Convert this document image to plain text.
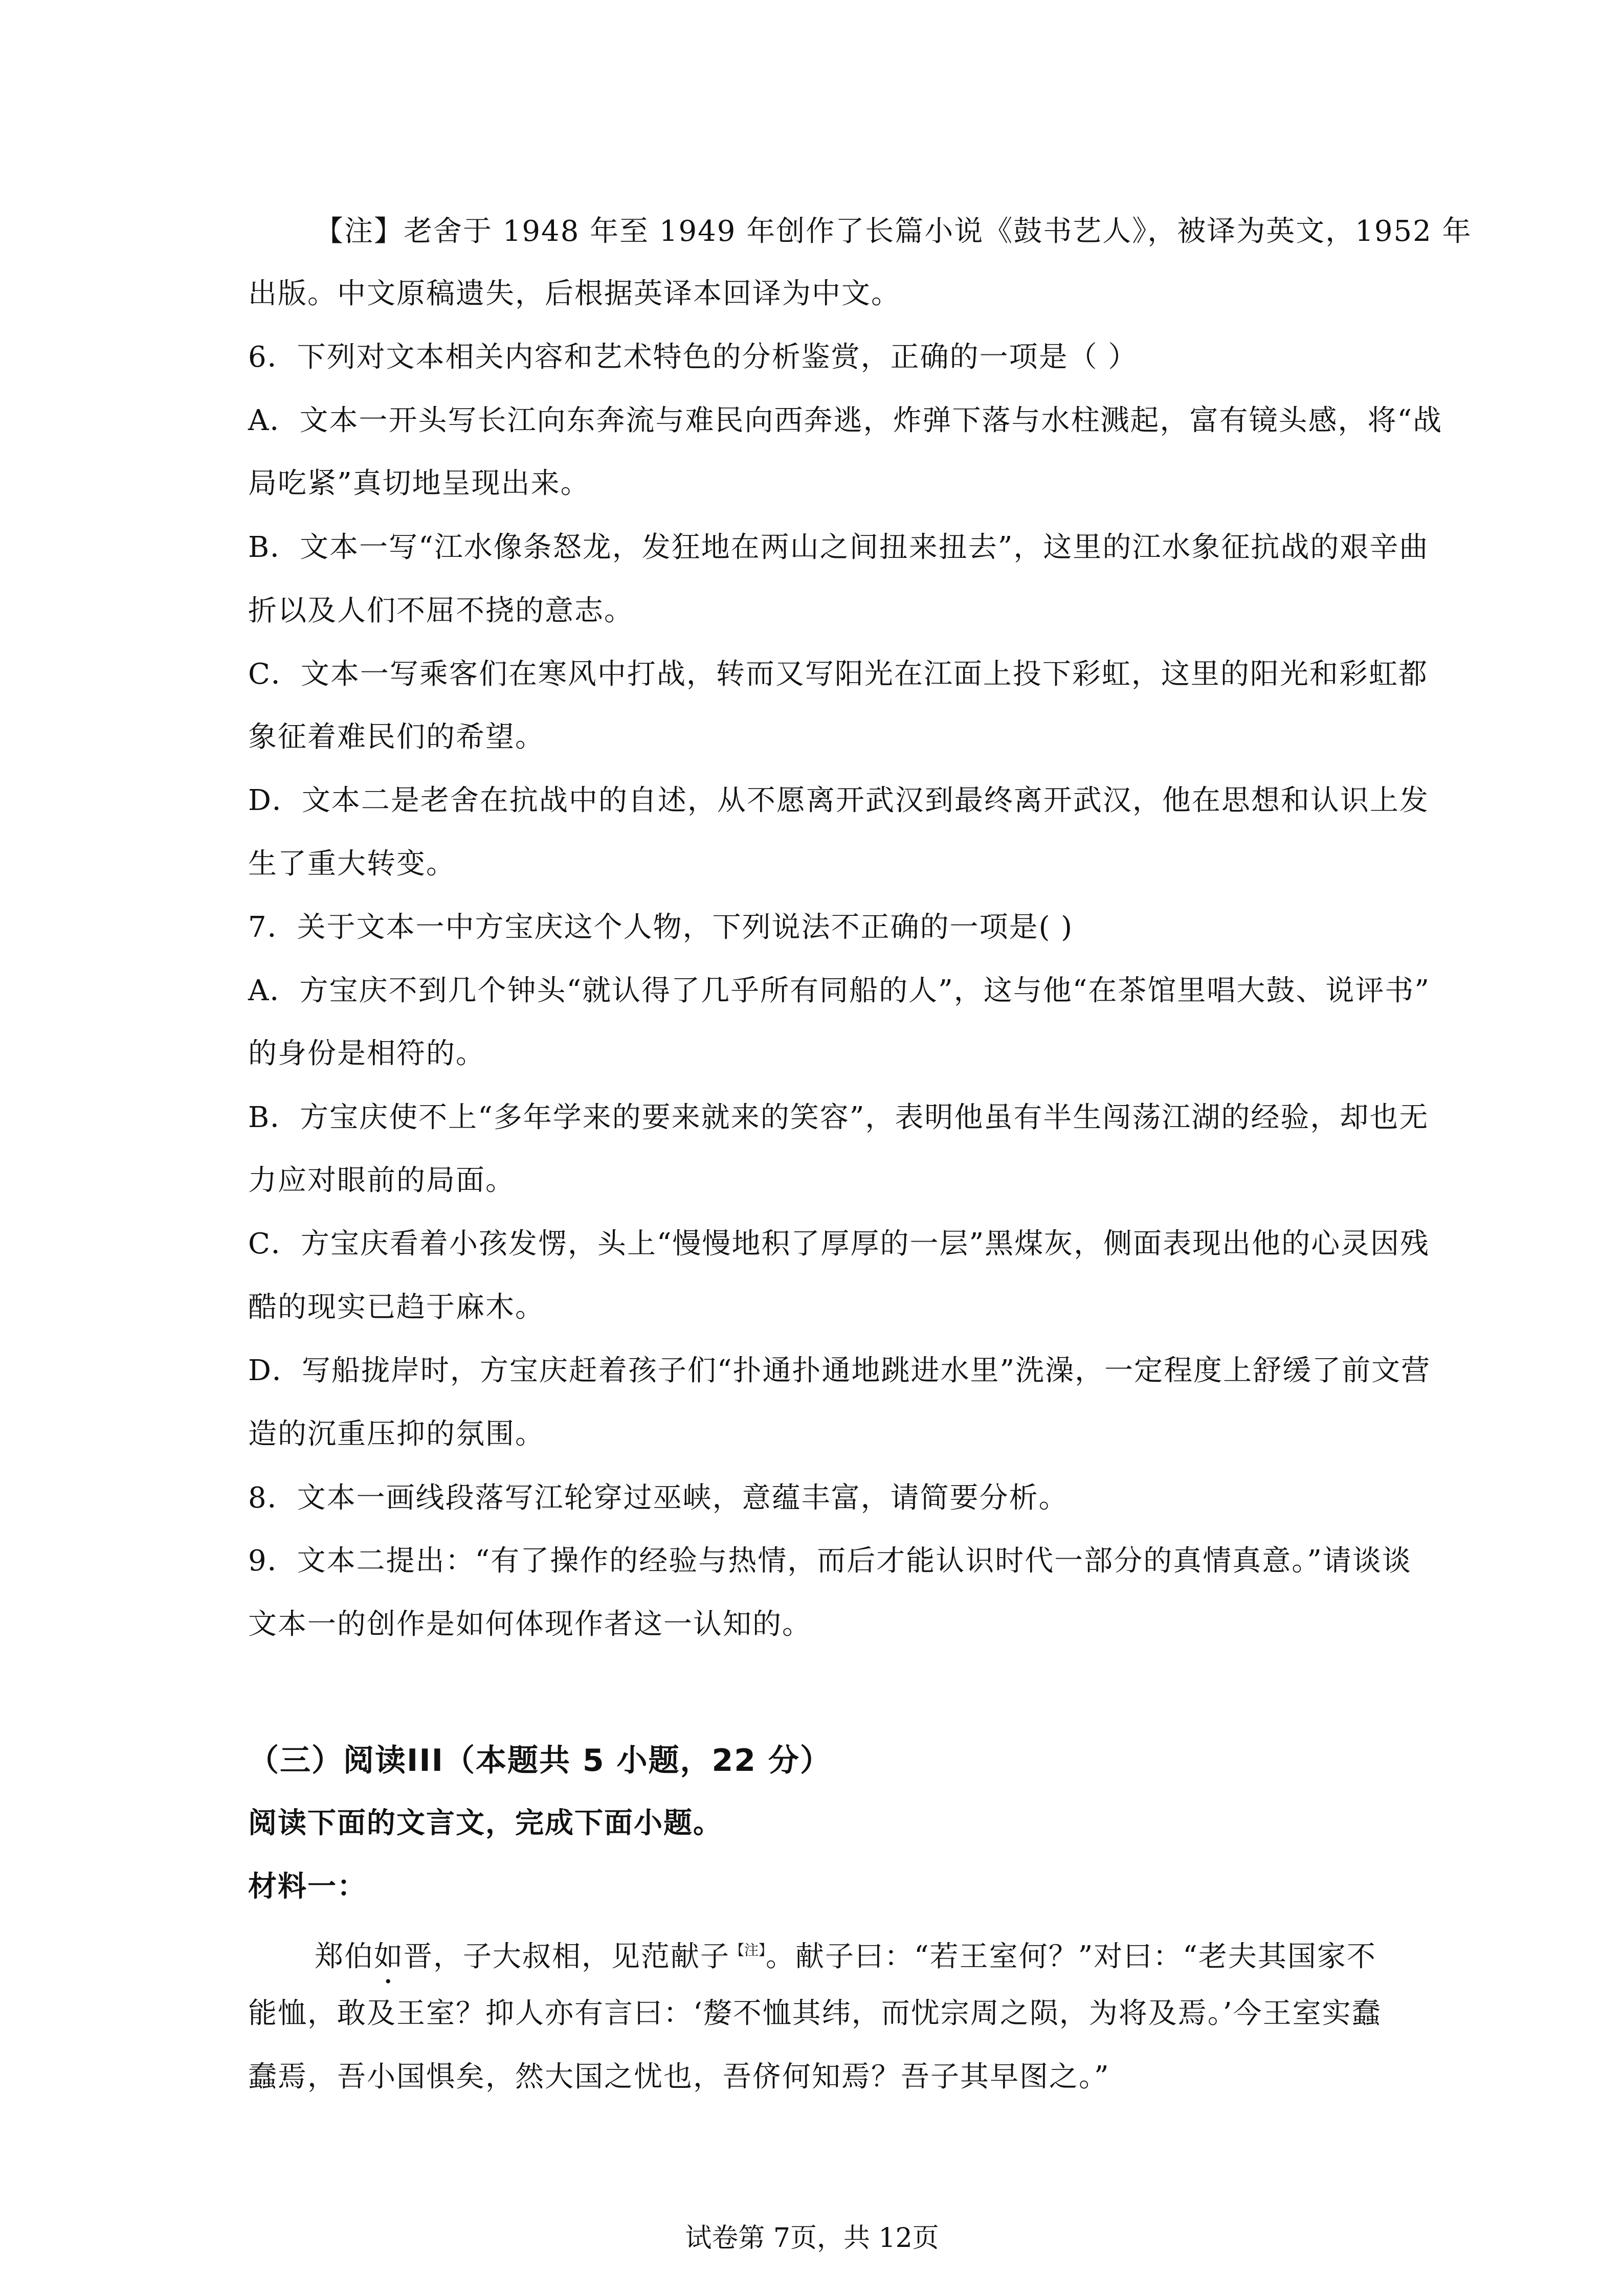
【注】老舍于 1948 年至 1949 年创作了长篇小说《鼓书艺人》，被译为英文，1952 年
出版。中文原稿遗失，后根据英译本回译为中文。
6．下列对文本相关内容和艺术特色的分析鉴赏，正确的一项是（ ）
A．文本一开头写长江向东奔流与难民向西奔逃，炸弹下落与水柱溅起，富有镜头感，将“战
局吃紧”真切地呈现出来。
B．文本一写“江水像条怒龙，发狂地在两山之间扭来扭去”，这里的江水象征抗战的艰辛曲
折以及人们不屈不挠的意志。
C．文本一写乘客们在寒风中打战，转而又写阳光在江面上投下彩虹，这里的阳光和彩虹都
象征着难民们的希望。
D．文本二是老舍在抗战中的自述，从不愿离开武汉到最终离开武汉，他在思想和认识上发
生了重大转变。
7．关于文本一中方宝庆这个人物，下列说法不正确的一项是( )
A．方宝庆不到几个钟头“就认得了几乎所有同船的人”，这与他“在茶馆里唱大鼓、说评书”
的身份是相符的。
B．方宝庆使不上“多年学来的要来就来的笑容”，表明他虽有半生闯荡江湖的经验，却也无
力应对眼前的局面。
C．方宝庆看着小孩发愣，头上“慢慢地积了厚厚的一层”黑煤灰，侧面表现出他的心灵因残
酷的现实已趋于麻木。
D．写船拢岸时，方宝庆赶着孩子们“扑通扑通地跳进水里”洗澡，一定程度上舒缓了前文营
造的沉重压抑的氛围。
8．文本一画线段落写江轮穿过巫峡，意蕴丰富，请简要分析。
9．文本二提出：“有了操作的经验与热情，而后才能认识时代一部分的真情真意。”请谈谈
文本一的创作是如何体现作者这一认知的。
（三）阅读III（本题共 5 小题，22 分）
阅读下面的文言文，完成下面小题。
材料一：
郑伯如晋，子大叔相，见范献子$^{【注】}$。献子曰：“若王室何？”对曰：“老夫其国家不
能恤，敢及王室？抑人亦有言曰：‘嫠不恤其纬，而忧宗周之陨，为将及焉。’今王室实蠢
蠢焉，吾小国惧矣，然大国之忧也，吾侪何知焉？吾子其早图之。”
试卷第 7页，共 12页
